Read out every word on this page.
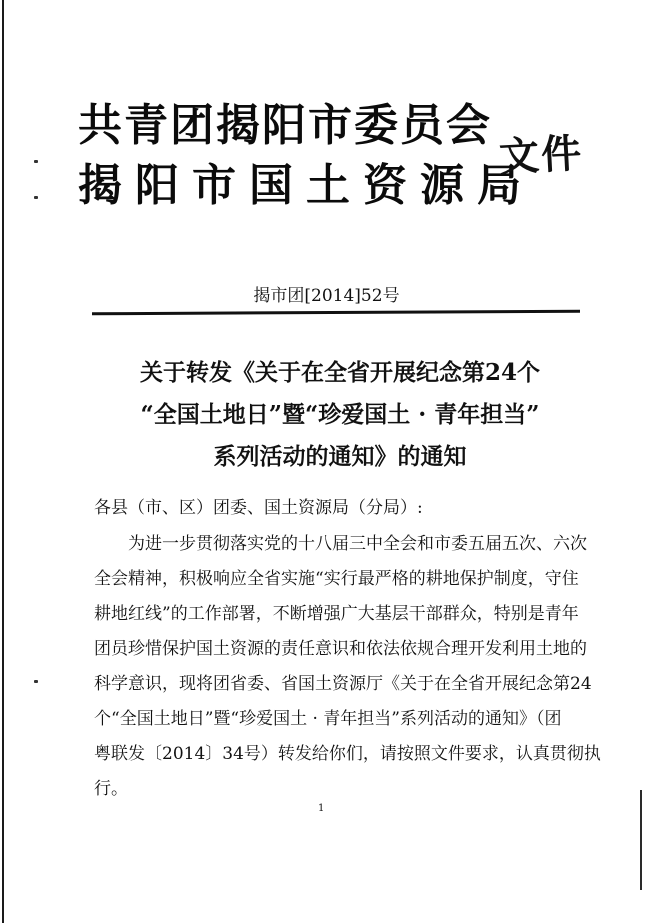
共青团揭阳市委员会
揭阳市国土资源局
文件
揭市团[2014]52号
关于转发《关于在全省开展纪念第24个
“全国土地日”暨“珍爱国土 · 青年担当”
系列活动的通知》的通知
各县（市、区）团委、国土资源局（分局）:
为进一步贯彻落实党的十八届三中全会和市委五届五次、六次
全会精神，积极响应全省实施“实行最严格的耕地保护制度，守住
耕地红线”的工作部署，不断增强广大基层干部群众，特别是青年
团员珍惜保护国土资源的责任意识和依法依规合理开发利用土地的
科学意识，现将团省委、省国土资源厅《关于在全省开展纪念第24
个“全国土地日”暨“珍爱国土 · 青年担当”系列活动的通知》（团
粤联发〔2014〕34号）转发给你们，请按照文件要求，认真贯彻执
行。
1
